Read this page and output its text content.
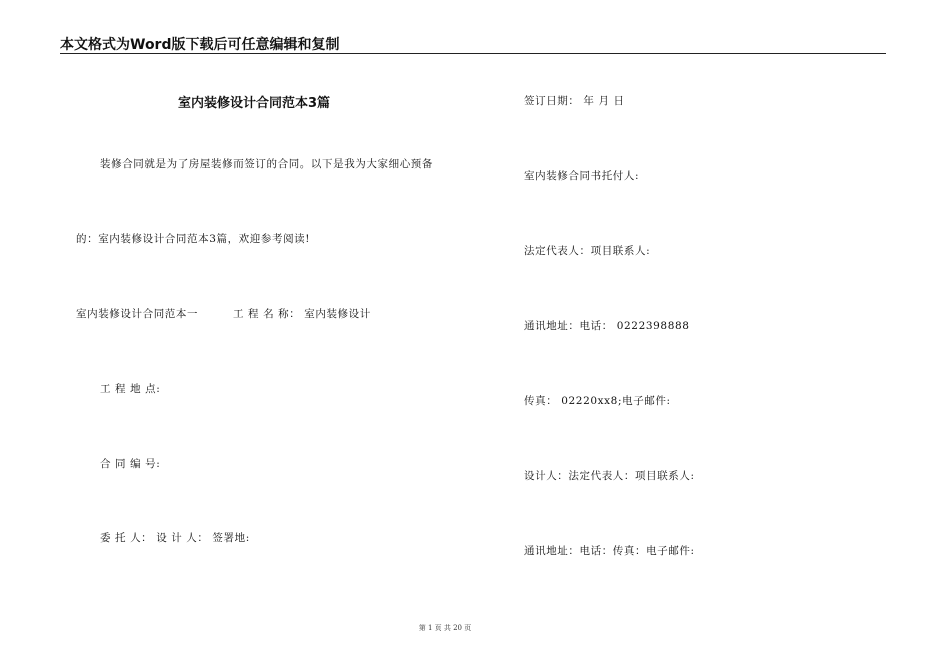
本文格式为Word版下载后可任意编辑和复制
室内装修设计合同范本3篇
装修合同就是为了房屋装修而签订的合同。以下是我为大家细心预备
的：室内装修设计合同范本3篇，欢迎参考阅读!
室内装修设计合同范本一	工 程 名 称： 室内装修设计
工 程 地 点:
合 同 编 号:
委 托 人： 设 计 人： 签署地:
签订日期： 年 月 日
室内装修合同书托付人:
法定代表人：项目联系人:
通讯地址：电话： 0222398888
传真： 02220xx8;电子邮件:
设计人：法定代表人：项目联系人:
通讯地址：电话：传真：电子邮件:
第 1 页 共 20 页
